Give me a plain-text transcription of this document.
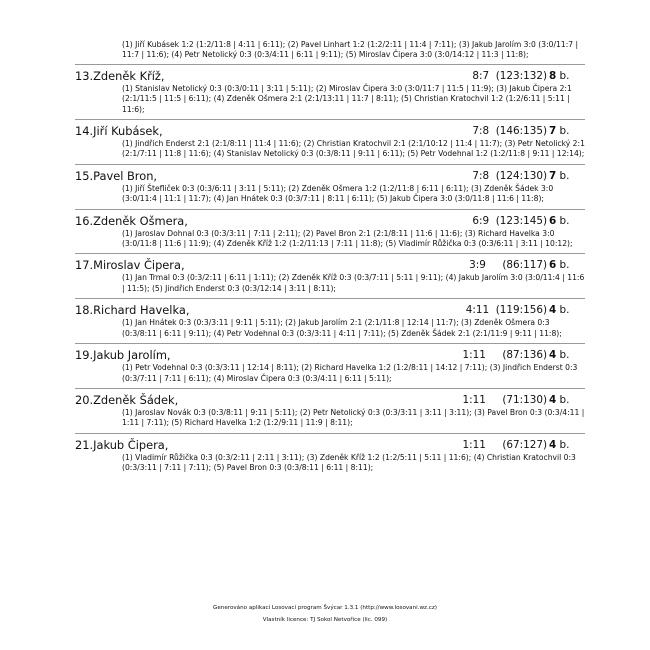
(1) Jiří Kubásek 1:2 (1:2/11:8 | 4:11 | 6:11); (2) Pavel Linhart 1:2 (1:2/2:11 | 11:4 | 7:11); (3) Jakub Jarolím 3:0 (3:0/11:7 | 11:7 | 11:6); (4) Petr Netolický 0:3 (0:3/4:11 | 6:11 | 9:11); (5) Miroslav Čipera 3:0 (3:0/14:12 | 11:3 | 11:8);
13.Zdeněk Kříž,	8:7  (123:132) 8 b.
(1) Stanislav Netolický 0:3 (0:3/0:11 | 3:11 | 5:11); (2) Miroslav Čipera 3:0 (3:0/11:7 | 11:5 | 11:9); (3) Jakub Čipera 2:1 (2:1/11:5 | 11:5 | 6:11); (4) Zdeněk Ošmera 2:1 (2:1/13:11 | 11:7 | 8:11); (5) Christian Kratochvil 1:2 (1:2/6:11 | 5:11 | 11:6);
14.Jiří Kubásek,	7:8  (146:135) 7 b.
(1) Jindřich Enderst 2:1 (2:1/8:11 | 11:4 | 11:6); (2) Christian Kratochvil 2:1 (2:1/10:12 | 11:4 | 11:7); (3) Petr Netolický 2:1 (2:1/7:11 | 11:8 | 11:6); (4) Stanislav Netolický 0:3 (0:3/8:11 | 9:11 | 6:11); (5) Petr Vodehnal 1:2 (1:2/11:8 | 9:11 | 12:14);
15.Pavel Bron,	7:8  (124:130) 7 b.
(1) Jiří Štefliček 0:3 (0:3/6:11 | 3:11 | 5:11); (2) Zdeněk Ošmera 1:2 (1:2/11:8 | 6:11 | 6:11); (3) Zdeněk Šádek 3:0 (3:0/11:4 | 11:1 | 11:7); (4) Jan Hnátek 0:3 (0:3/7:11 | 8:11 | 6:11); (5) Jakub Čipera 3:0 (3:0/11:8 | 11:6 | 11:8);
16.Zdeněk Ošmera,	6:9  (123:145) 6 b.
(1) Jaroslav Dohnal 0:3 (0:3/3:11 | 7:11 | 2:11); (2) Pavel Bron 2:1 (2:1/8:11 | 11:6 | 11:6); (3) Richard Havelka 3:0 (3:0/11:8 | 11:6 | 11:9); (4) Zdeněk Kříž 1:2 (1:2/11:13 | 7:11 | 11:8); (5) Vladimír Růžička 0:3 (0:3/6:11 | 3:11 | 10:12);
17.Miroslav Čipera,	3:9     (86:117) 6 b.
(1) Jan Trmal 0:3 (0:3/2:11 | 6:11 | 1:11); (2) Zdeněk Kříž 0:3 (0:3/7:11 | 5:11 | 9:11); (4) Jakub Jarolím 3:0 (3:0/11:4 | 11:6 | 11:5); (5) Jindřich Enderst 0:3 (0:3/12:14 | 3:11 | 8:11);
18.Richard Havelka,	4:11  (119:156) 4 b.
(1) Jan Hnátek 0:3 (0:3/3:11 | 9:11 | 5:11); (2) Jakub Jarolím 2:1 (2:1/11:8 | 12:14 | 11:7); (3) Zdeněk Ošmera 0:3 (0:3/8:11 | 6:11 | 9:11); (4) Petr Vodehnal 0:3 (0:3/3:11 | 4:11 | 7:11); (5) Zdeněk Šádek 2:1 (2:1/11:9 | 9:11 | 11:8);
19.Jakub Jarolím,	1:11     (87:136) 4 b.
(1) Petr Vodehnal 0:3 (0:3/3:11 | 12:14 | 8:11); (2) Richard Havelka 1:2 (1:2/8:11 | 14:12 | 7:11); (3) Jindřich Enderst 0:3 (0:3/7:11 | 7:11 | 6:11); (4) Miroslav Čipera 0:3 (0:3/4:11 | 6:11 | 5:11);
20.Zdeněk Šádek,	1:11     (71:130) 4 b.
(1) Jaroslav Novák 0:3 (0:3/8:11 | 9:11 | 5:11); (2) Petr Netolický 0:3 (0:3/3:11 | 3:11 | 3:11); (3) Pavel Bron 0:3 (0:3/4:11 | 1:11 | 7:11); (5) Richard Havelka 1:2 (1:2/9:11 | 11:9 | 8:11);
21.Jakub Čipera,	1:11     (67:127) 4 b.
(1) Vladimír Růžička 0:3 (0:3/2:11 | 2:11 | 3:11); (3) Zdeněk Kříž 1:2 (1:2/5:11 | 5:11 | 11:6); (4) Christian Kratochvil 0:3 (0:3/3:11 | 7:11 | 7:11); (5) Pavel Bron 0:3 (0:3/8:11 | 6:11 | 8:11);
Generováno aplikací Losovací program Švýcar 1.3.1 (http://www.losovani.wz.cz)
Vlastník licence: TJ Sokol Netvořice (lic. 099)
